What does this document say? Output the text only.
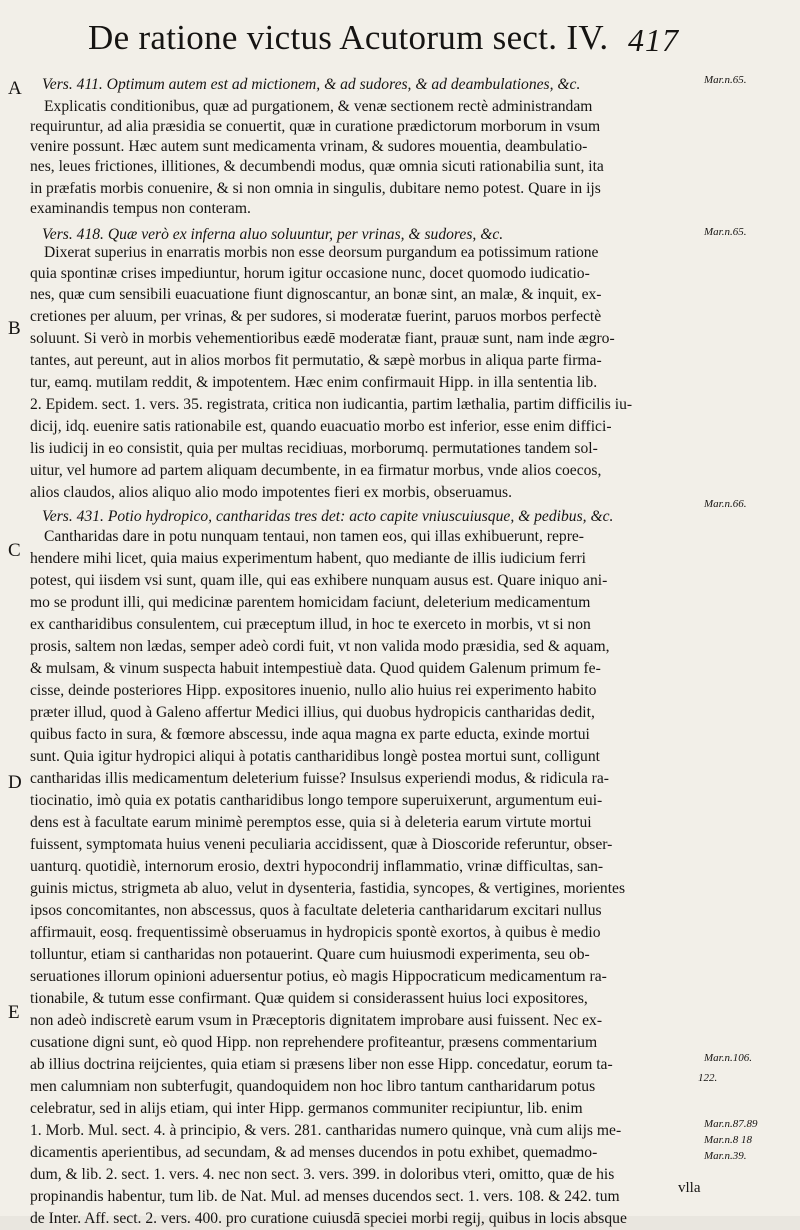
De ratione victus Acutorum sect. IV. 417
Vers. 411. Optimum autem est ad mictionem, & ad sudores, & ad deambulationes, &c.
Explicatis conditionibus, quæ ad purgationem, & venæ sectionem rectè administrandam
requiruntur, ad alia præsidia se conuertit, quæ in curatione prædictorum morborum in vsum
venire possunt. Hæc autem sunt medicamenta vrinam, & sudores mouentia, deambulatio-
nes, leues frictiones, illitiones, & decumbendi modus, quæ omnia sicuti rationabilia sunt, ita
in præfatis morbis conuenire, & si non omnia in singulis, dubitare nemo potest. Quare in ijs
examinandis tempus non conteram.
Vers. 418. Quæ verò ex inferna aluo soluuntur, per vrinas, & sudores, &c.
Dixerat superius in enarratis morbis non esse deorsum purgandum ea potissimum ratione
quia spontinæ crises impediuntur, horum igitur occasione nunc, docet quomodo iudicatio-
nes, quæ cum sensibili euacuatione fiunt dignoscantur, an bonæ sint, an malæ, & inquit, ex-
cretiones per aluum, per vrinas, & per sudores, si moderatæ fuerint, paruos morbos perfectè
soluunt. Si verò in morbis vehementioribus eædē moderatæ fiant, prauæ sunt, nam inde ægro-
tantes, aut pereunt, aut in alios morbos fit permutatio, & sæpè morbus in aliqua parte firma-
tur, eamq. mutilam reddit, & impotentem. Hæc enim confirmauit Hipp. in illa sententia lib.
2. Epidem. sect. 1. vers. 35. registrata, critica non iudicantia, partim læthalia, partim difficilis iu-
dicij, idq. euenire satis rationabile est, quando euacuatio morbo est inferior, esse enim diffici-
lis iudicij in eo consistit, quia per multas recidiuas, morborumq. permutationes tandem sol-
uitur, vel humore ad partem aliquam decumbente, in ea firmatur morbus, vnde alios coecos,
alios claudos, alios aliquo alio modo impotentes fieri ex morbis, obseruamus.
Vers. 431. Potio hydropico, cantharidas tres det: acto capite vniuscuiusque, & pedibus, &c.
Cantharidas dare in potu nunquam tentaui, non tamen eos, qui illas exhibuerunt, repre-
hendere mihi licet, quia maius experimentum habent, quo mediante de illis iudicium ferri
potest, qui iisdem vsi sunt, quam ille, qui eas exhibere nunquam ausus est. Quare iniquo ani-
mo se produnt illi, qui medicinæ parentem homicidam faciunt, deleterium medicamentum
ex cantharidibus consulentem, cui præceptum illud, in hoc te exerceto in morbis, vt si non
prosis, saltem non lædas, semper adeò cordi fuit, vt non valida modo præsidia, sed & aquam,
& mulsam, & vinum suspecta habuit intempestiuè data. Quod quidem Galenum primum fe-
cisse, deinde posteriores Hipp. expositores inuenio, nullo alio huius rei experimento habito
præter illud, quod à Galeno affertur Medici illius, qui duobus hydropicis cantharidas dedit,
quibus facto in sura, & fœmore abscessu, inde aqua magna ex parte educta, exinde mortui
sunt. Quia igitur hydropici aliqui à potatis cantharidibus longè postea mortui sunt, colligunt
cantharidas illis medicamentum deleterium fuisse? Insulsus experiendi modus, & ridicula ra-
tiocinatio, imò quia ex potatis cantharidibus longo tempore superuixerunt, argumentum eui-
dens est à facultate earum minimè peremptos esse, quia si à deleteria earum virtute mortui
fuissent, symptomata huius veneni peculiaria accidissent, quæ à Dioscoride referuntur, obser-
uanturq. quotidiè, internorum erosio, dextri hypocondrij inflammatio, vrinæ difficultas, san-
guinis mictus, strigmeta ab aluo, velut in dysenteria, fastidia, syncopes, & vertigines, morientes
ipsos concomitantes, non abscessus, quos à facultate deleteria cantharidarum excitari nullus
affirmauit, eosq. frequentissimè obseruamus in hydropicis spontè exortos, à quibus è medio
tolluntur, etiam si cantharidas non potauerint. Quare cum huiusmodi experimenta, seu ob-
seruationes illorum opinioni aduersentur potius, eò magis Hippocraticum medicamentum ra-
tionabile, & tutum esse confirmant. Quæ quidem si considerassent huius loci expositores,
non adeò indiscretè earum vsum in Præceptoris dignitatem improbare ausi fuissent. Nec ex-
cusatione digni sunt, eò quod Hipp. non reprehendere profiteantur, præsens commentarium
ab illius doctrina reijcientes, quia etiam si præsens liber non esse Hipp. concedatur, eorum ta-
men calumniam non subterfugit, quandoquidem non hoc libro tantum cantharidarum potus
celebratur, sed in alijs etiam, qui inter Hipp. germanos communiter recipiuntur, lib. enim
1. Morb. Mul. sect. 4. à principio, & vers. 281. cantharidas numero quinque, vnà cum alijs me-
dicamentis aperientibus, ad secundam, & ad menses ducendos in potu exhibet, quemadmo-
dum, & lib. 2. sect. 1. vers. 4. nec non sect. 3. vers. 399. in doloribus vteri, omitto, quæ de his
propinandis habentur, tum lib. de Nat. Mul. ad menses ducendos sect. 1. vers. 108. & 242. tum
de Inter. Aff. sect. 2. vers. 400. pro curatione cuiusdā speciei morbi regij, quibus in locis absque
A
B
C
D
E
Mar.n.65.
Mar.n.65.
Mar.n.66.
Mar.n.106.
122.
Mar.n.87.89
Mar.n.8 18
Mar.n.39.
vlla
